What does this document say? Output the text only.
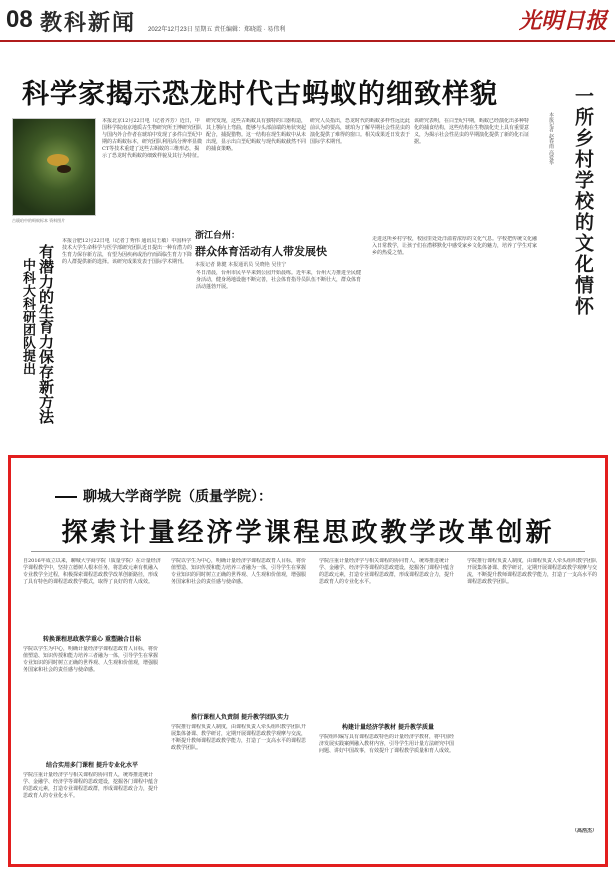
08 教科新闻 2022年12月23日 星期五 责任编辑：郑晓霞 · 易伟利	光明日报
科学家揭示恐龙时代古蚂蚁的细致样貌
古琥珀中的蚂蚁标本 资料图片
本报北京12月22日电（记者齐芳）近日，中国科学院南京地质古生物研究所王博研究团队与国内外合作者在琥珀中发现了多件白垩纪中期的古蚂蚁标本，研究团队利用高分辨率显微CT等技术重建了这些古蚂蚁的三维形态，揭示了恐龙时代蚂蚁的细致样貌及其行为特征。
研究发现，这些古蚂蚁具有独特的口器构造，其上颚向上弯曲，能够与头部前端的角状突起配合，捕捉猎物。这一结构在现生蚂蚁中从未出现，显示出白垩纪蚂蚁与现代蚂蚁截然不同的捕食策略。
研究人员指出，恐龙时代的蚂蚁多样性远比此前认为的要高，琥珀为了解早期社会性昆虫的演化提供了难得的窗口。相关成果近日发表于国际学术期刊。
该研究表明，在白垩纪中期，蚂蚁已经演化出多种特化的捕食结构，这些结构在生物演化史上具有重要意义，为揭示社会性昆虫的早期演化提供了新的化石证据。
有潜力的生育力保存新方法
中科大科研团队提出
本报合肥12月22日电（记者丁秀伟 通讯员王敏）中国科学技术大学生命科学与医学部研究团队近日提出一种有潜力的生育力保存新方法，有望为因疾病或治疗而面临生育力下降的人群提供新的选择。该研究成果发表于国际学术期刊。
浙江台州：
群众体育活动有人带发展快
本报记者 陈健 本报通讯员 吴晓艳 吴佳宁
冬日清晨，台州市民早早来到公园开始晨练。近年来，台州大力推进全民健身活动，健身场地设施不断完善，社会体育指导员队伍不断壮大，群众体育活动蓬勃开展。	一所乡村学校的文化情怀
本报记者 赵春雨 高爱华
走进这所乡村学校，校园里处处洋溢着浓厚的文化气息。学校把传统文化融入日常教学，让孩子们在潜移默化中感受家乡文化的魅力，培养了学生对家乡的热爱之情。
聊城大学商学院（质量学院）：
探索计量经济学课程思政教学改革创新
自2016年成立以来，聊城大学商学院（质量学院）在计量经济学课程教学中，坚持立德树人根本任务，将思政元素有机融入专业教学全过程，积极探索课程思政教学改革创新路径，形成了具有特色的课程思政教学模式，取得了良好的育人成效。
转换课程思政教学重心 重塑融合目标
学院以学生为中心，明确计量经济学课程思政育人目标，将价值塑造、知识传授和能力培养三者融为一体，引导学生在掌握专业知识的同时树立正确的世界观、人生观和价值观，增强服务国家和社会的责任感与使命感。
结合实用多门课程 提升专业化水平
学院注重计量经济学与相关课程的协同育人，统筹推进统计学、金融学、经济学等课程的思政建设，挖掘各门课程中蕴含的思政元素，打造专业课程思政群，形成课程思政合力，提升思政育人的专业化水平。
学院以学生为中心，明确计量经济学课程思政育人目标，将价值塑造、知识传授和能力培养三者融为一体，引导学生在掌握专业知识的同时树立正确的世界观、人生观和价值观，增强服务国家和社会的责任感与使命感。
推行课程人负责制 提升教学团队实力
学院推行课程负责人制度，由课程负责人牵头组织教学团队开展集体备课、教学研讨，定期开展课程思政教学观摩与交流，不断提升教师课程思政教学能力，打造了一支高水平的课程思政教学团队。
学院注重计量经济学与相关课程的协同育人，统筹推进统计学、金融学、经济学等课程的思政建设，挖掘各门课程中蕴含的思政元素，打造专业课程思政群，形成课程思政合力，提升思政育人的专业化水平。
构建计量经济学教材 提升教学质量
学院组织编写具有课程思政特色的计量经济学教材，将中国经济发展实践案例融入教材内容，引导学生用计量方法研究中国问题、讲好中国故事，有效提升了课程教学质量和育人成效。
学院推行课程负责人制度，由课程负责人牵头组织教学团队开展集体备课、教学研讨，定期开展课程思政教学观摩与交流，不断提升教师课程思政教学能力，打造了一支高水平的课程思政教学团队。
（高浩杰）
